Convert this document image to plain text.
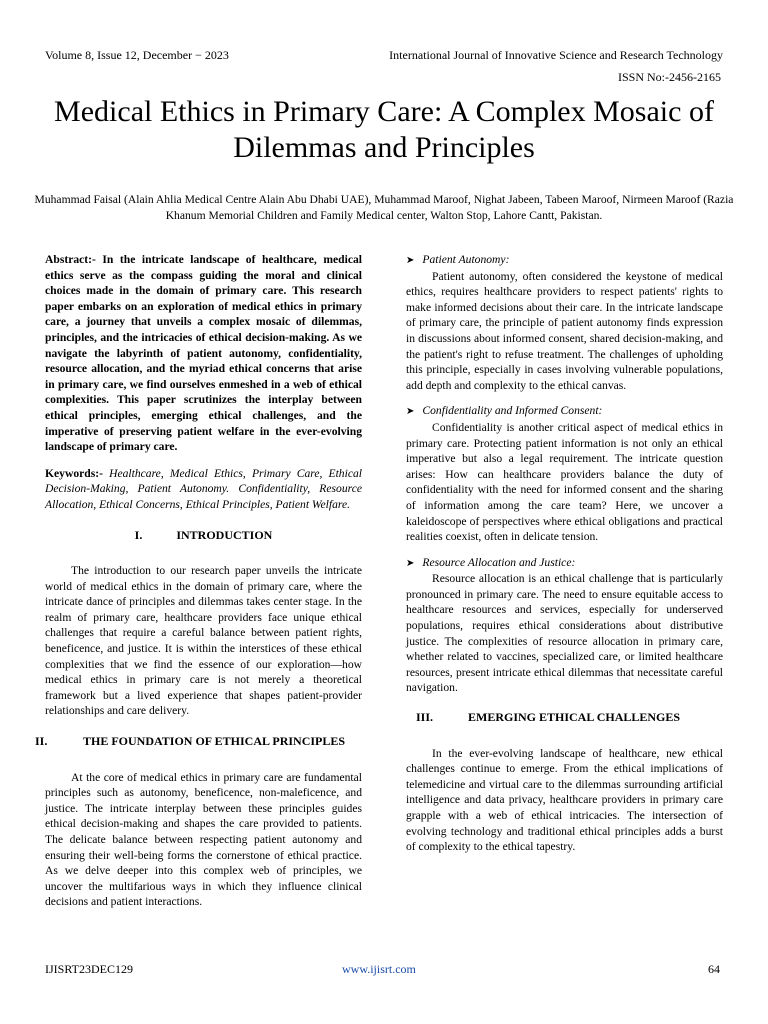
Volume 8, Issue 12, December − 2023	International Journal of Innovative Science and Research Technology
ISSN No:-2456-2165
Medical Ethics in Primary Care: A Complex Mosaic of Dilemmas and Principles
Muhammad Faisal (Alain Ahlia Medical Centre Alain Abu Dhabi UAE), Muhammad Maroof, Nighat Jabeen, Tabeen Maroof, Nirmeen Maroof (Razia Khanum Memorial Children and Family Medical center, Walton Stop, Lahore Cantt, Pakistan.

Abstract:- In the intricate landscape of healthcare, medical ethics serve as the compass guiding the moral and clinical choices made in the domain of primary care. This research paper embarks on an exploration of medical ethics in primary care, a journey that unveils a complex mosaic of dilemmas, principles, and the intricacies of ethical decision-making. As we navigate the labyrinth of patient autonomy, confidentiality, resource allocation, and the myriad ethical concerns that arise in primary care, we find ourselves enmeshed in a web of ethical complexities. This paper scrutinizes the interplay between ethical principles, emerging ethical challenges, and the imperative of preserving patient welfare in the ever-evolving landscape of primary care.

Keywords:- Healthcare, Medical Ethics, Primary Care, Ethical Decision-Making, Patient Autonomy. Confidentiality, Resource Allocation, Ethical Concerns, Ethical Principles, Patient Welfare.

I.	INTRODUCTION

The introduction to our research paper unveils the intricate world of medical ethics in the domain of primary care, where the intricate dance of principles and dilemmas takes center stage. In the realm of primary care, healthcare providers face unique ethical challenges that require a careful balance between patient rights, beneficence, and justice. It is within the interstices of these ethical complexities that we find the essence of our exploration—how medical ethics in primary care is not merely a theoretical framework but a lived experience that shapes patient-provider relationships and care delivery.

II.	THE FOUNDATION OF ETHICAL PRINCIPLES

At the core of medical ethics in primary care are fundamental principles such as autonomy, beneficence, non-maleficence, and justice. The intricate interplay between these principles guides ethical decision-making and shapes the care provided to patients. The delicate balance between respecting patient autonomy and ensuring their well-being forms the cornerstone of ethical practice. As we delve deeper into this complex web of principles, we uncover the multifarious ways in which they influence clinical decisions and patient interactions.

➤ Patient Autonomy:

Patient autonomy, often considered the keystone of medical ethics, requires healthcare providers to respect patients' rights to make informed decisions about their care. In the intricate landscape of primary care, the principle of patient autonomy finds expression in discussions about informed consent, shared decision-making, and the patient's right to refuse treatment. The challenges of upholding this principle, especially in cases involving vulnerable populations, add depth and complexity to the ethical canvas.

➤ Confidentiality and Informed Consent:

Confidentiality is another critical aspect of medical ethics in primary care. Protecting patient information is not only an ethical imperative but also a legal requirement. The intricate question arises: How can healthcare providers balance the duty of confidentiality with the need for informed consent and the sharing of information among the care team? Here, we uncover a kaleidoscope of perspectives where ethical obligations and practical realities coexist, often in delicate tension.

➤ Resource Allocation and Justice:

Resource allocation is an ethical challenge that is particularly pronounced in primary care. The need to ensure equitable access to healthcare resources and services, especially for underserved populations, requires ethical considerations about distributive justice. The complexities of resource allocation in primary care, whether related to vaccines, specialized care, or limited healthcare resources, present intricate ethical dilemmas that necessitate careful navigation.

III.	EMERGING ETHICAL CHALLENGES

In the ever-evolving landscape of healthcare, new ethical challenges continue to emerge. From the ethical implications of telemedicine and virtual care to the dilemmas surrounding artificial intelligence and data privacy, healthcare providers in primary care grapple with a web of ethical intricacies. The intersection of evolving technology and traditional ethical principles adds a burst of complexity to the ethical tapestry.

IJISRT23DEC129	www.ijisrt.com	64
